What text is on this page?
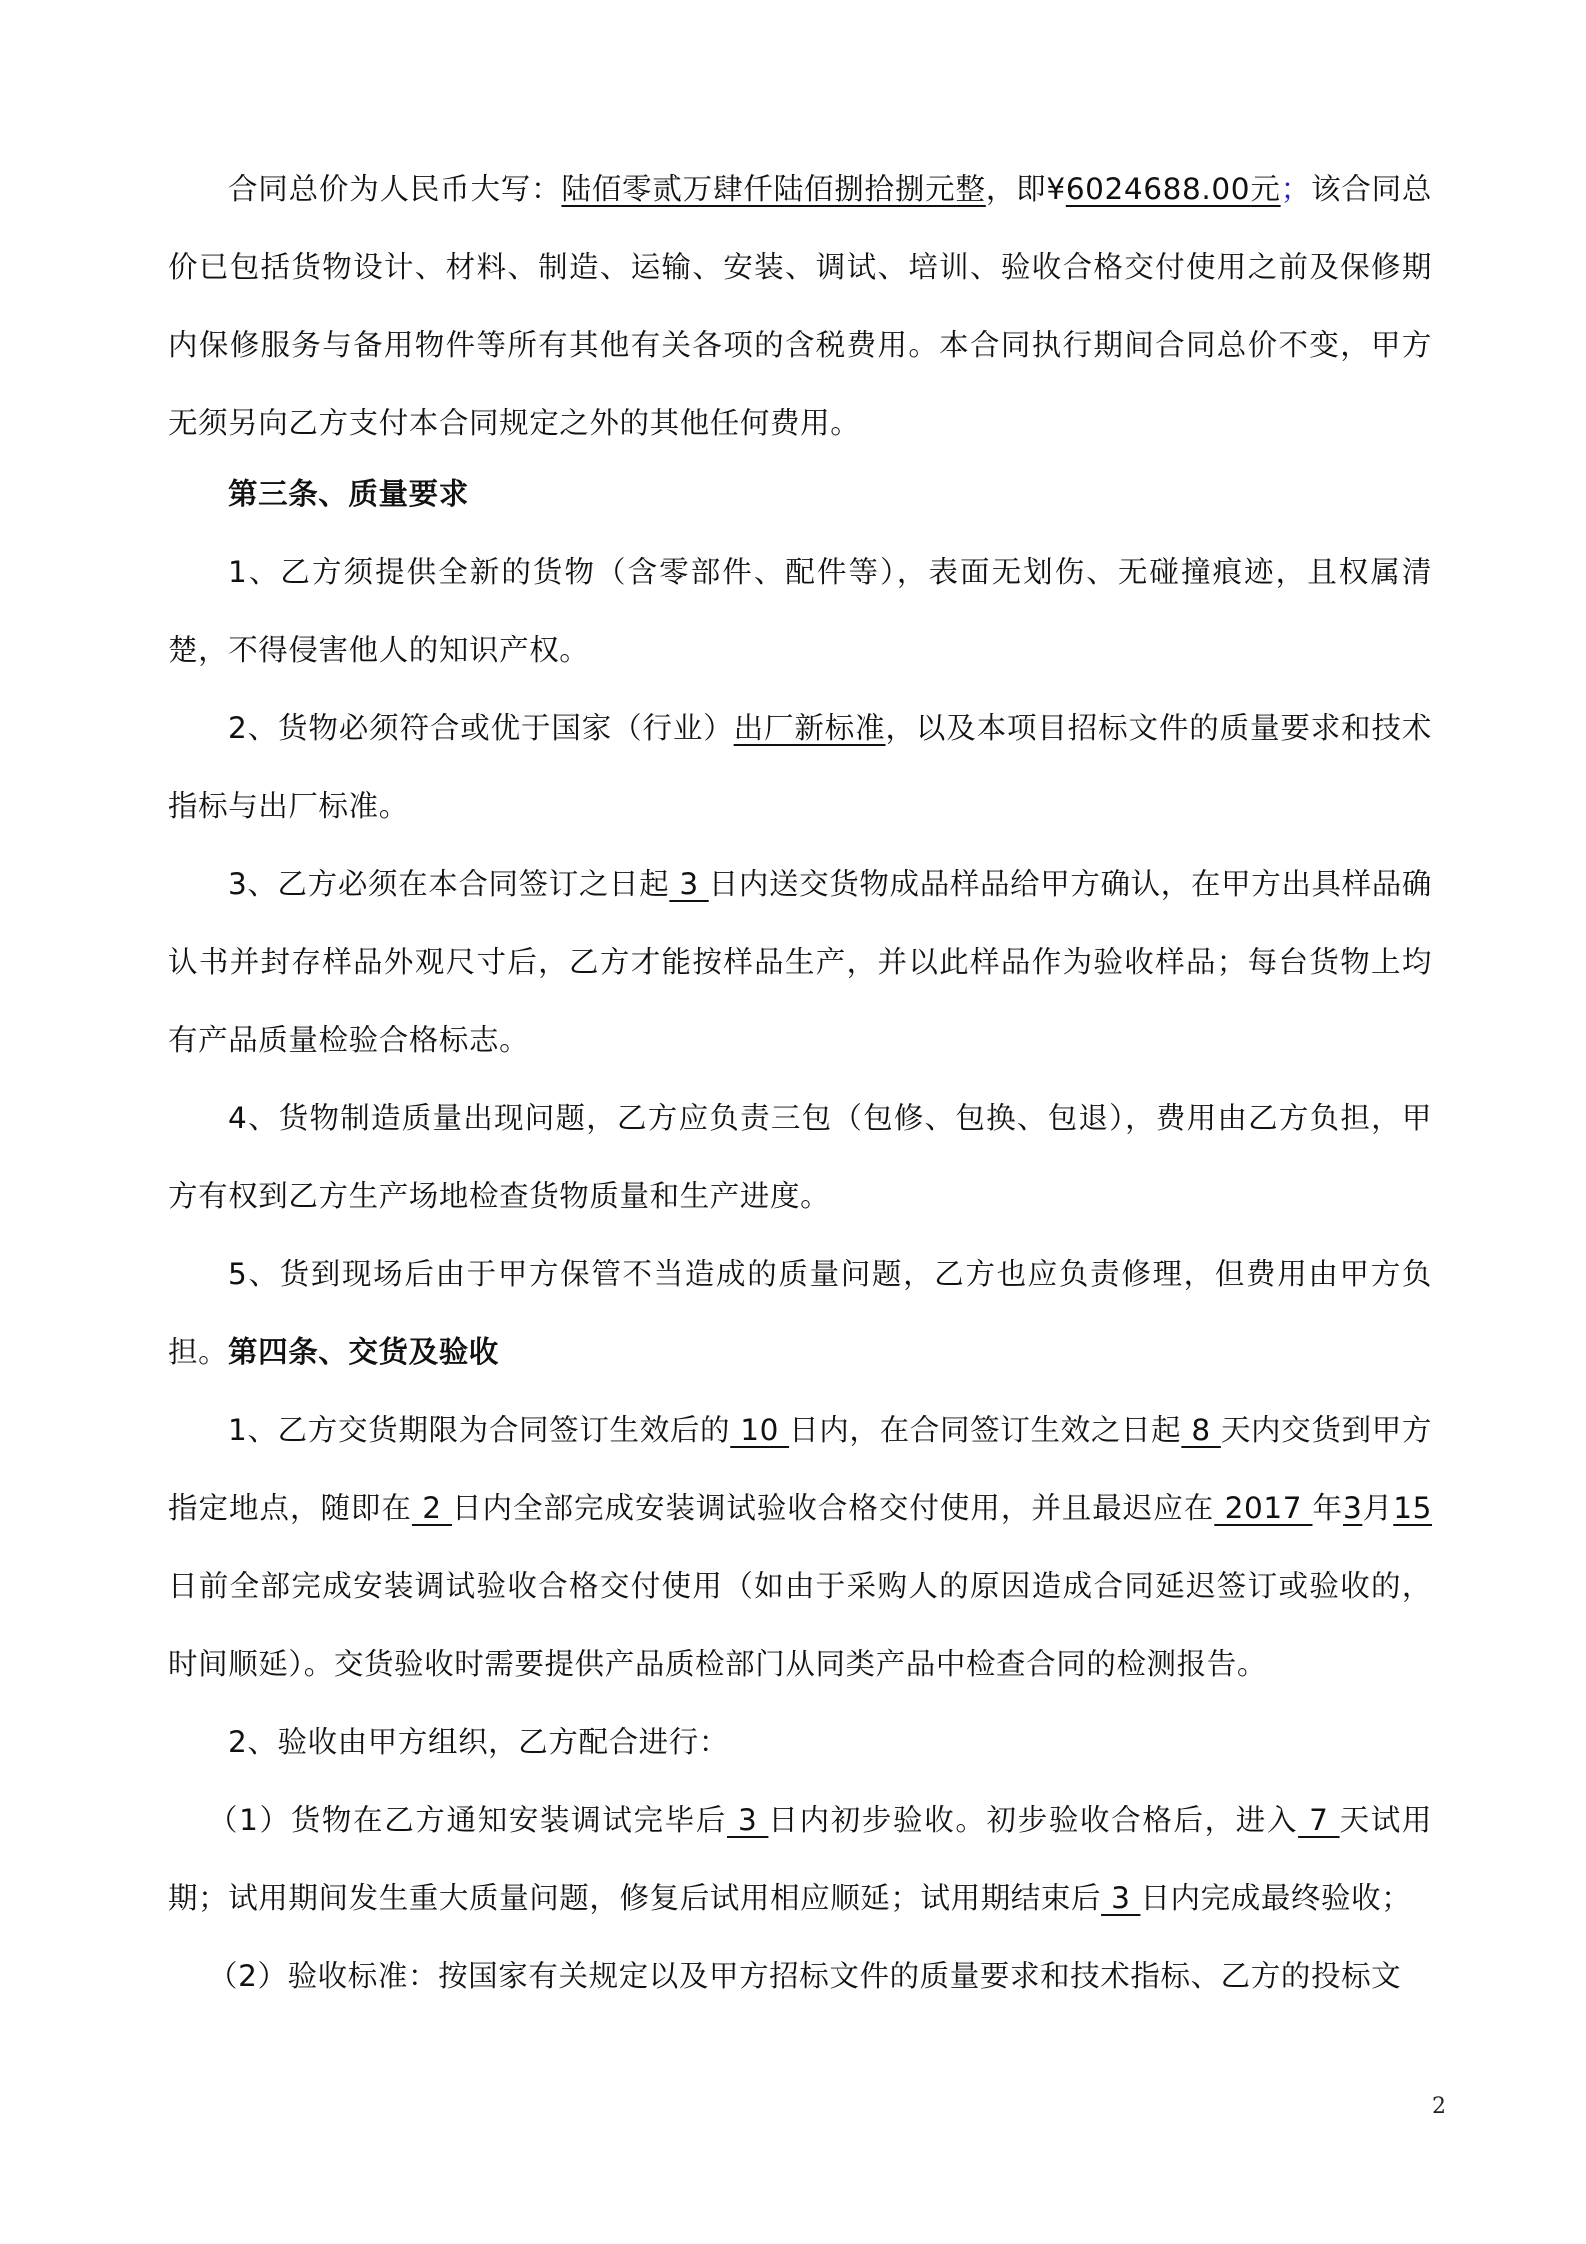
合同总价为人民币大写：陆佰零贰万肆仟陆佰捌拾捌元整，即¥6024688.00元；该合同总价已包括货物设计、材料、制造、运输、安装、调试、培训、验收合格交付使用之前及保修期内保修服务与备用物件等所有其他有关各项的含税费用。本合同执行期间合同总价不变，甲方无须另向乙方支付本合同规定之外的其他任何费用。

第三条、质量要求

1、乙方须提供全新的货物（含零部件、配件等），表面无划伤、无碰撞痕迹，且权属清楚，不得侵害他人的知识产权。

2、货物必须符合或优于国家（行业）出厂新标准，以及本项目招标文件的质量要求和技术指标与出厂标准。

3、乙方必须在本合同签订之日起 3 日内送交货物成品样品给甲方确认，在甲方出具样品确认书并封存样品外观尺寸后，乙方才能按样品生产，并以此样品作为验收样品；每台货物上均有产品质量检验合格标志。

4、货物制造质量出现问题，乙方应负责三包（包修、包换、包退），费用由乙方负担，甲方有权到乙方生产场地检查货物质量和生产进度。

5、货到现场后由于甲方保管不当造成的质量问题，乙方也应负责修理，但费用由甲方负担。 第四条、交货及验收

1、乙方交货期限为合同签订生效后的 10 日内，在合同签订生效之日起 8 天内交货到甲方指定地点，随即在 2 日内全部完成安装调试验收合格交付使用，并且最迟应在 2017 年3月15日前全部完成安装调试验收合格交付使用（如由于采购人的原因造成合同延迟签订或验收的，时间顺延）。交货验收时需要提供产品质检部门从同类产品中检查合同的检测报告。

2、验收由甲方组织，乙方配合进行：

（1）货物在乙方通知安装调试完毕后 3 日内初步验收。初步验收合格后，进入 7 天试用期；试用期间发生重大质量问题，修复后试用相应顺延；试用期结束后 3 日内完成最终验收；

（2）验收标准：按国家有关规定以及甲方招标文件的质量要求和技术指标、乙方的投标文

2
